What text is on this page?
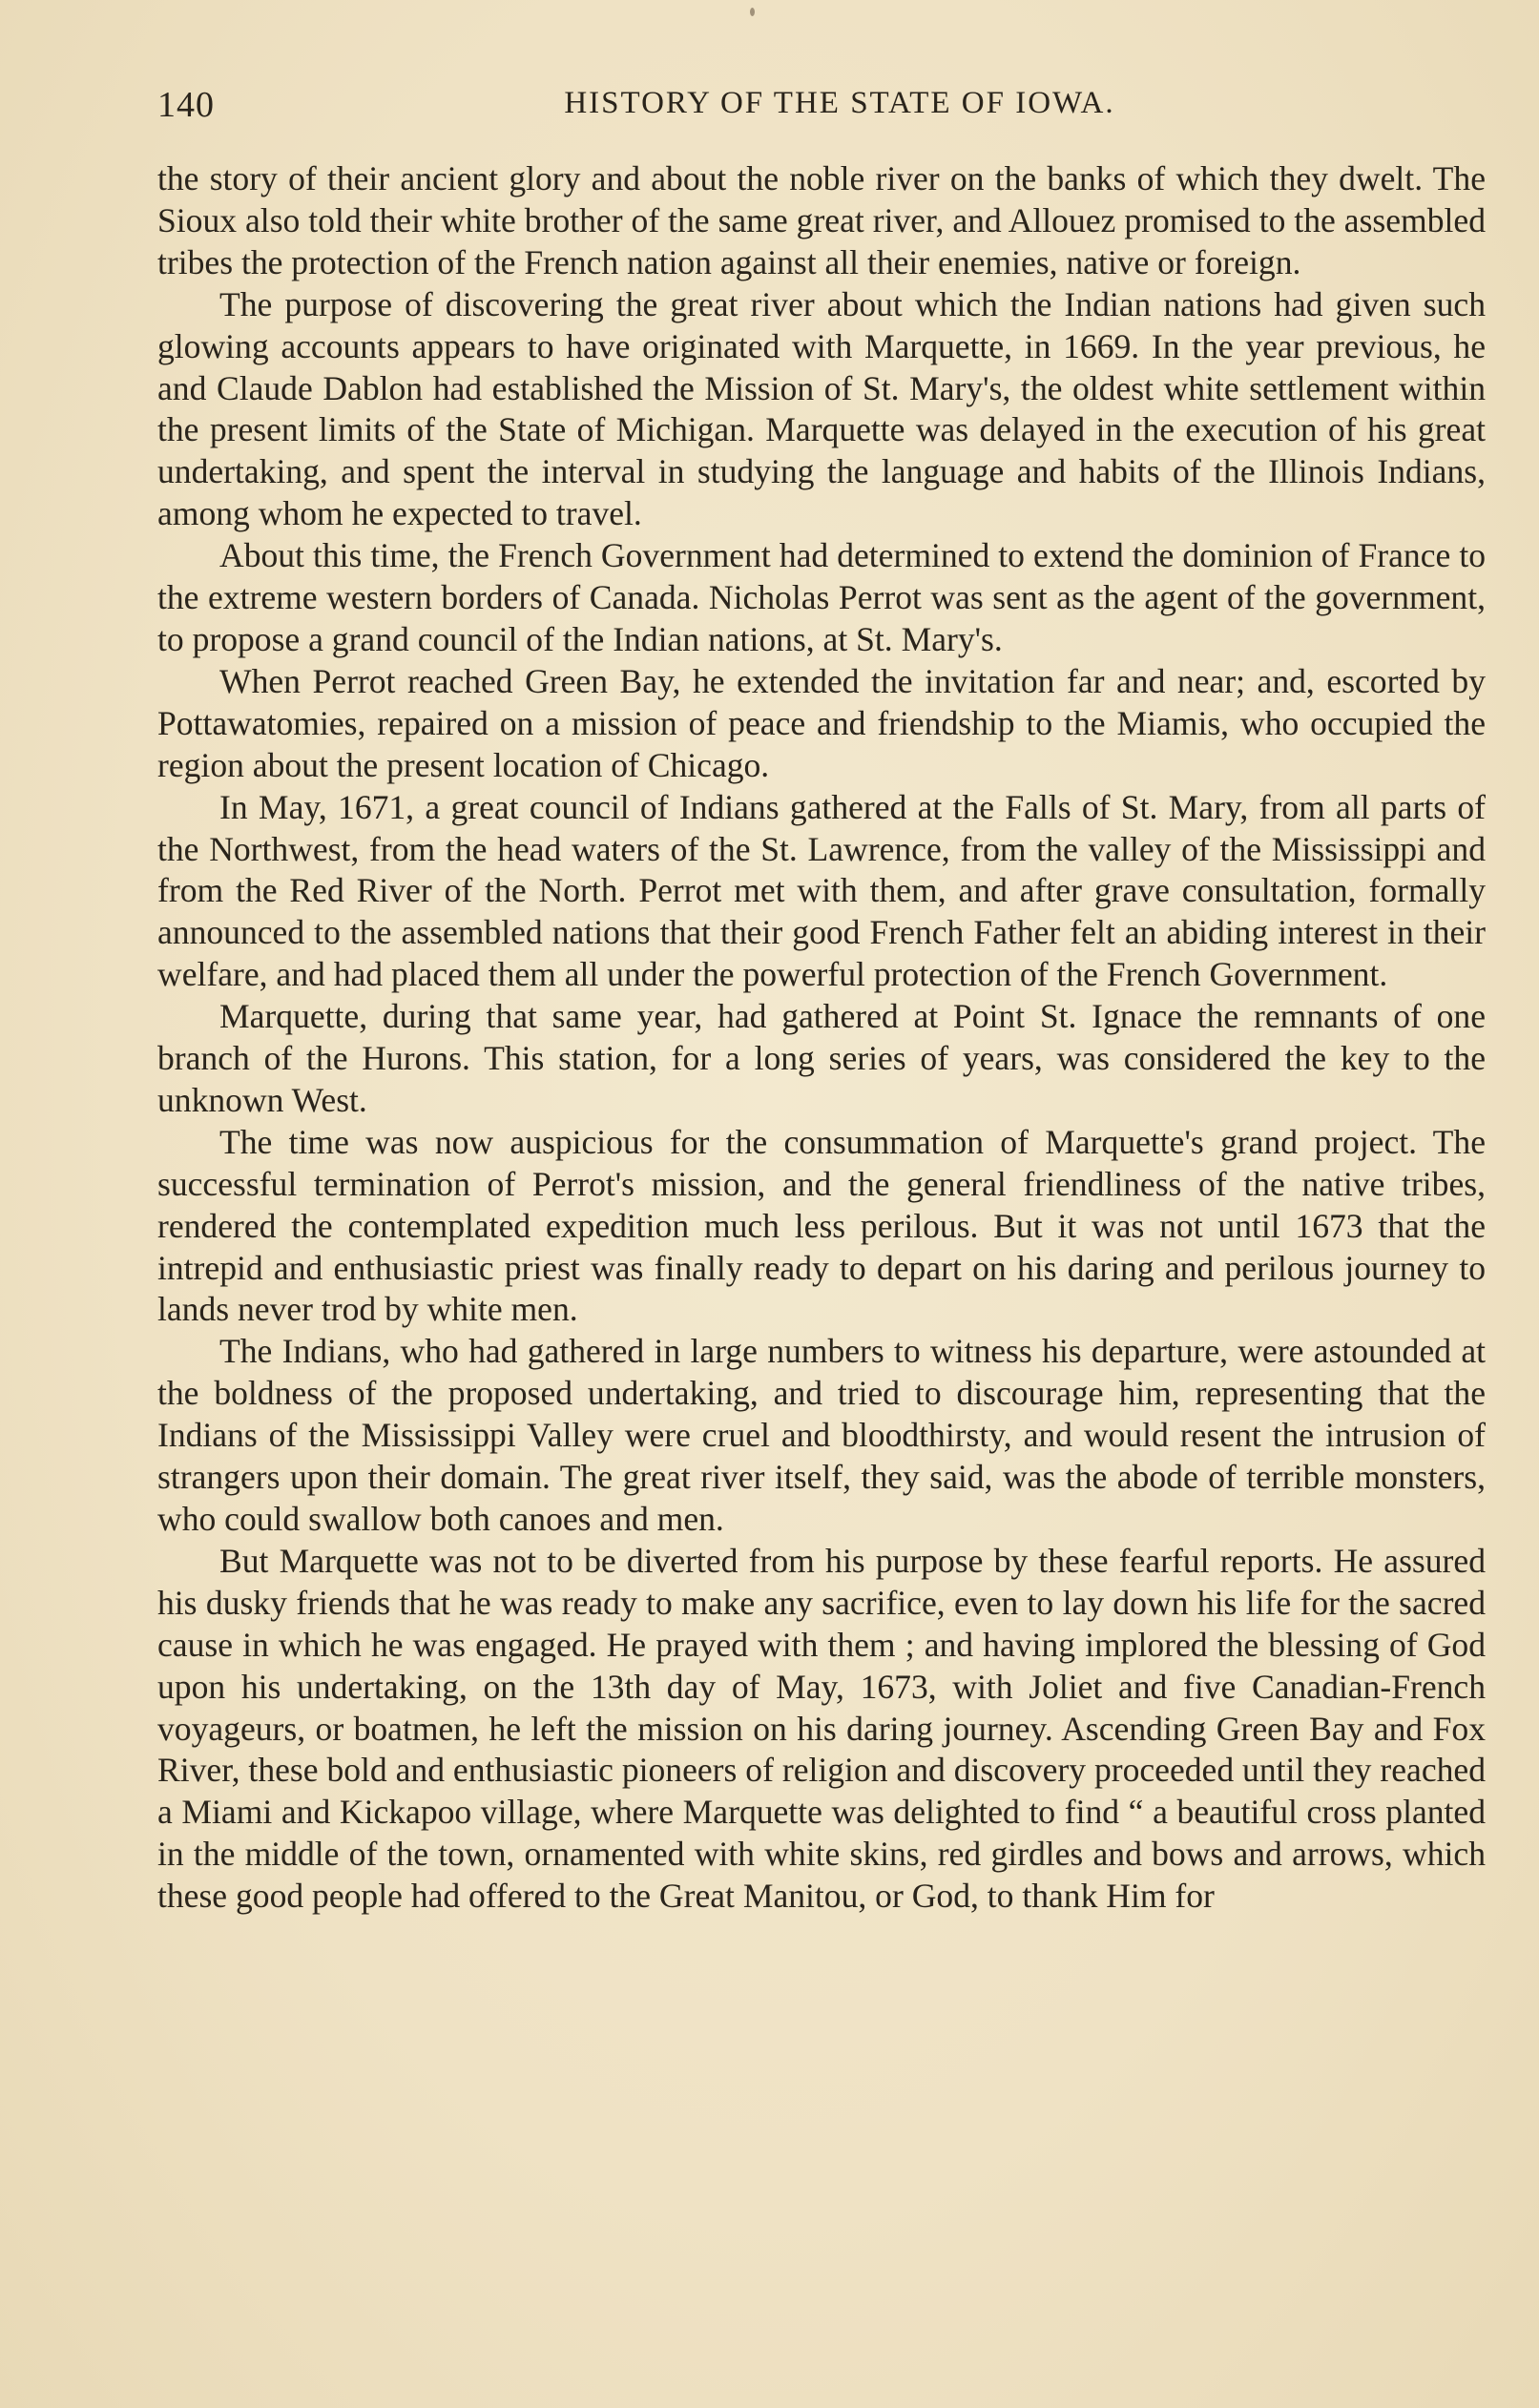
140	HISTORY OF THE STATE OF IOWA.

the story of their ancient glory and about the noble river on the banks of which they dwelt. The Sioux also told their white brother of the same great river, and Allouez promised to the assembled tribes the protection of the French nation against all their enemies, native or foreign.

The purpose of discovering the great river about which the Indian nations had given such glowing accounts appears to have originated with Marquette, in 1669. In the year previous, he and Claude Dablon had established the Mission of St. Mary's, the oldest white settlement within the present limits of the State of Michigan. Marquette was delayed in the execution of his great undertaking, and spent the interval in studying the language and habits of the Illinois Indians, among whom he expected to travel.

About this time, the French Government had determined to extend the dominion of France to the extreme western borders of Canada. Nicholas Perrot was sent as the agent of the government, to propose a grand council of the Indian nations, at St. Mary's.

When Perrot reached Green Bay, he extended the invitation far and near; and, escorted by Pottawatomies, repaired on a mission of peace and friendship to the Miamis, who occupied the region about the present location of Chicago.

In May, 1671, a great council of Indians gathered at the Falls of St. Mary, from all parts of the Northwest, from the head waters of the St. Lawrence, from the valley of the Mississippi and from the Red River of the North. Perrot met with them, and after grave consultation, formally announced to the assembled nations that their good French Father felt an abiding interest in their welfare, and had placed them all under the powerful protection of the French Government.

Marquette, during that same year, had gathered at Point St. Ignace the remnants of one branch of the Hurons. This station, for a long series of years, was considered the key to the unknown West.

The time was now auspicious for the consummation of Marquette's grand project. The successful termination of Perrot's mission, and the general friendliness of the native tribes, rendered the contemplated expedition much less perilous. But it was not until 1673 that the intrepid and enthusiastic priest was finally ready to depart on his daring and perilous journey to lands never trod by white men.

The Indians, who had gathered in large numbers to witness his departure, were astounded at the boldness of the proposed undertaking, and tried to discourage him, representing that the Indians of the Mississippi Valley were cruel and bloodthirsty, and would resent the intrusion of strangers upon their domain. The great river itself, they said, was the abode of terrible monsters, who could swallow both canoes and men.

But Marquette was not to be diverted from his purpose by these fearful reports. He assured his dusky friends that he was ready to make any sacrifice, even to lay down his life for the sacred cause in which he was engaged. He prayed with them ; and having implored the blessing of God upon his undertaking, on the 13th day of May, 1673, with Joliet and five Canadian-French voyageurs, or boatmen, he left the mission on his daring journey. Ascending Green Bay and Fox River, these bold and enthusiastic pioneers of religion and discovery proceeded until they reached a Miami and Kickapoo village, where Marquette was delighted to find “ a beautiful cross planted in the middle of the town, ornamented with white skins, red girdles and bows and arrows, which these good people had offered to the Great Manitou, or God, to thank Him for
